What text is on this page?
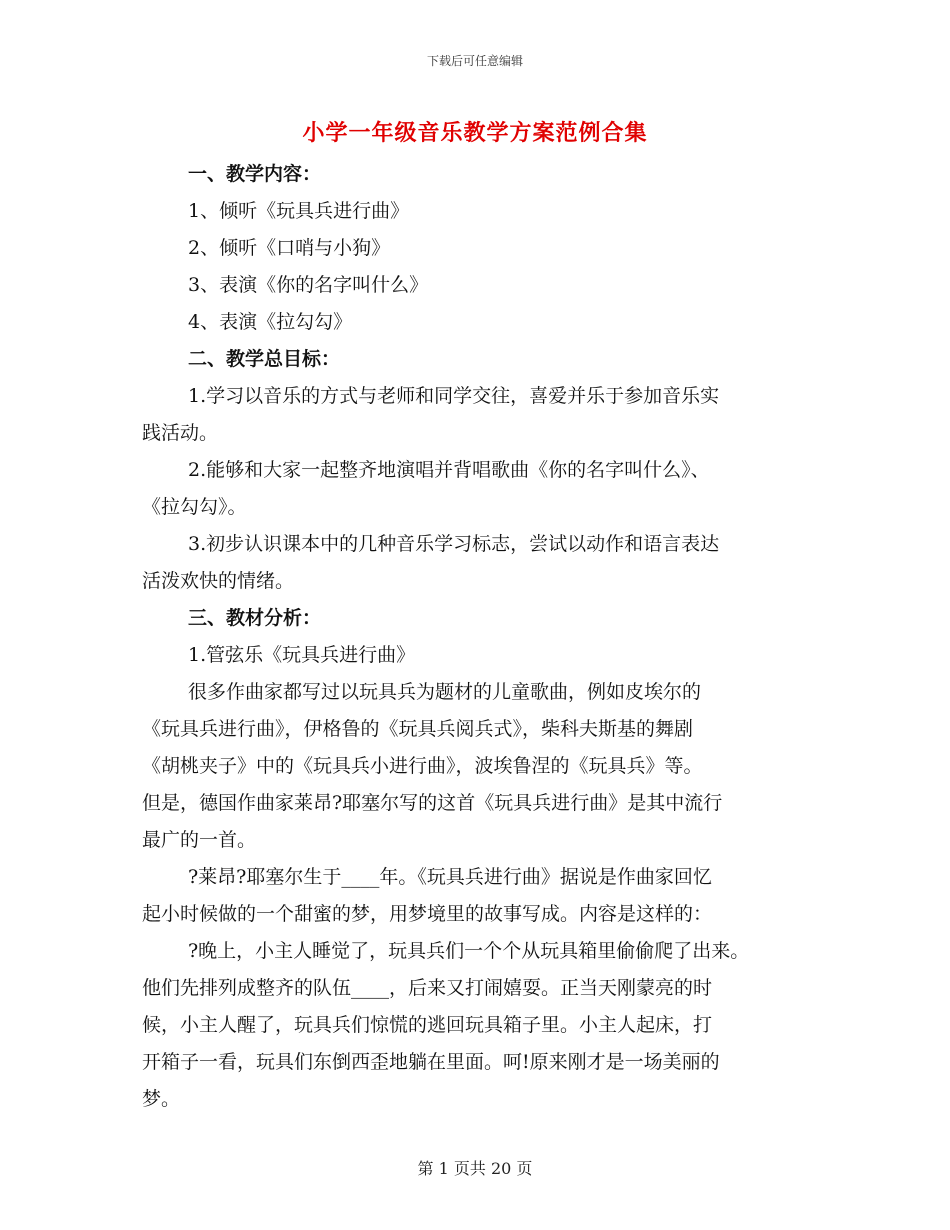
下载后可任意编辑
小学一年级音乐教学方案范例合集
一、教学内容：
1、倾听《玩具兵进行曲》
2、倾听《口哨与小狗》
3、表演《你的名字叫什么》
4、表演《拉勾勾》
二、教学总目标：
1.学习以音乐的方式与老师和同学交往，喜爱并乐于参加音乐实
践活动。
2.能够和大家一起整齐地演唱并背唱歌曲《你的名字叫什么》、
《拉勾勾》。
3.初步认识课本中的几种音乐学习标志，尝试以动作和语言表达
活泼欢快的情绪。
三、教材分析：
1.管弦乐《玩具兵进行曲》
很多作曲家都写过以玩具兵为题材的儿童歌曲，例如皮埃尔的
《玩具兵进行曲》，伊格鲁的《玩具兵阅兵式》，柴科夫斯基的舞剧
《胡桃夹子》中的《玩具兵小进行曲》，波埃鲁涅的《玩具兵》等。
但是，德国作曲家莱昂?耶塞尔写的这首《玩具兵进行曲》是其中流行
最广的一首。
?莱昂?耶塞尔生于____年。《玩具兵进行曲》据说是作曲家回忆
起小时候做的一个甜蜜的梦，用梦境里的故事写成。内容是这样的：
?晚上，小主人睡觉了，玩具兵们一个个从玩具箱里偷偷爬了出来。
他们先排列成整齐的队伍____，后来又打闹嬉耍。正当天刚蒙亮的时
候，小主人醒了，玩具兵们惊慌的逃回玩具箱子里。小主人起床，打
开箱子一看，玩具们东倒西歪地躺在里面。呵!原来刚才是一场美丽的
梦。
第 1 页共 20 页
